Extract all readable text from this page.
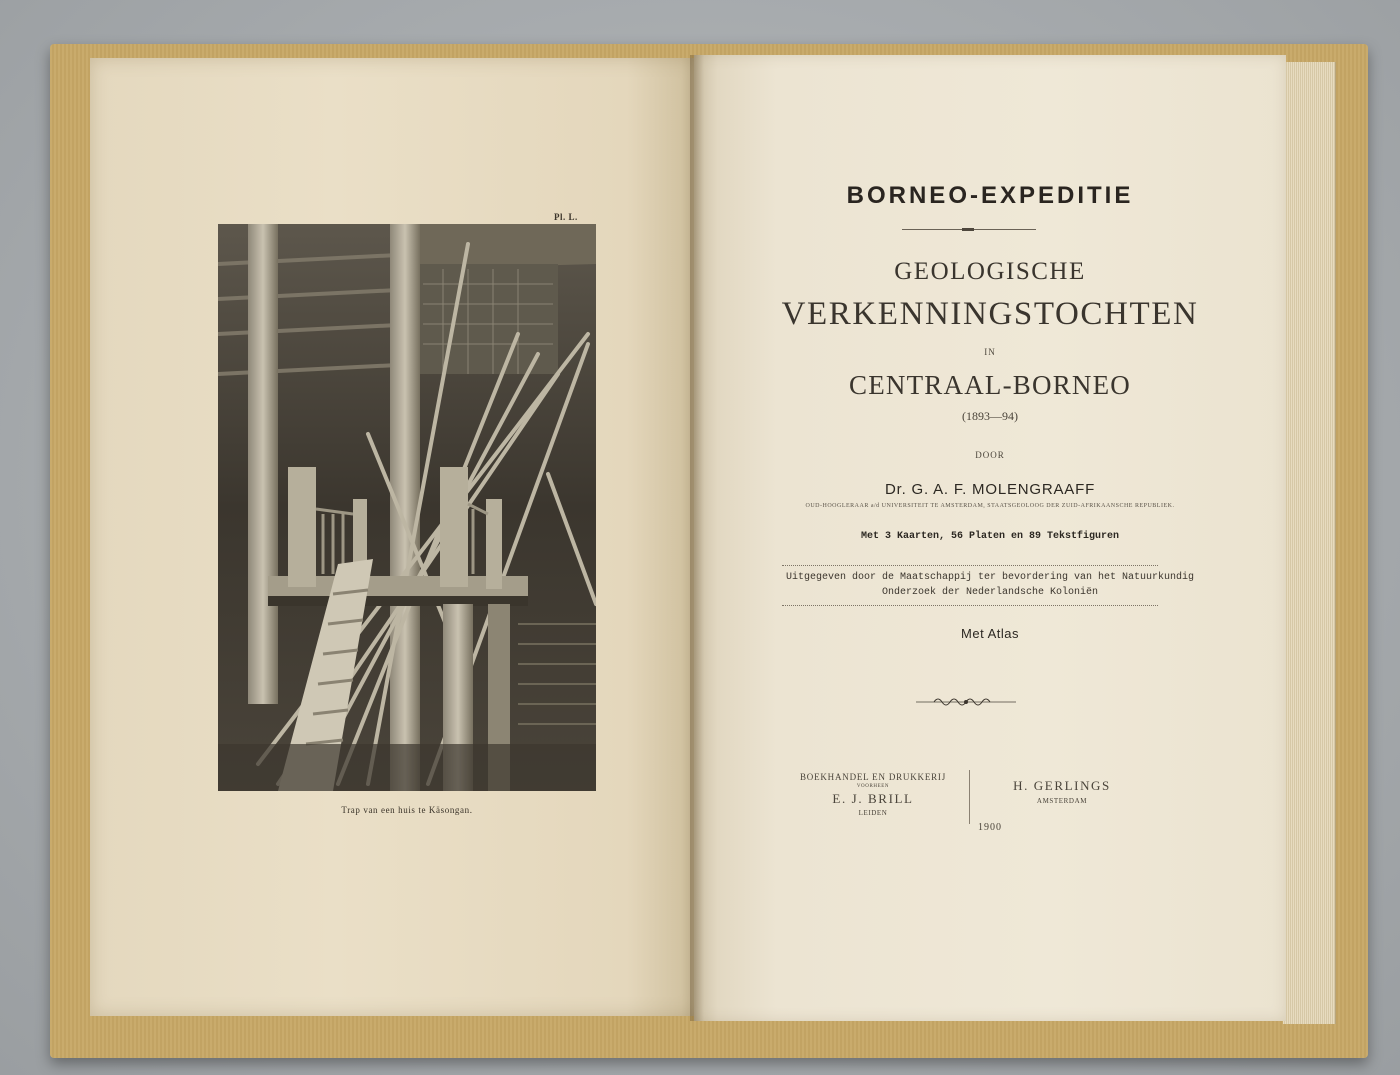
Pl. L.
Trap van een huis te Käsongan.
BORNEO-EXPEDITIE
GEOLOGISCHE
VERKENNINGSTOCHTEN
IN
CENTRAAL-BORNEO
(1893—94)
DOOR
Dr. G. A. F. MOLENGRAAFF
OUD-HOOGLERAAR a/d UNIVERSITEIT TE AMSTERDAM, STAATSGEOLOOG DER ZUID-AFRIKAANSCHE REPUBLIEK.
Met 3 Kaarten, 56 Platen en 89 Tekstfiguren
Uitgegeven door de Maatschappij ter bevordering van het Natuurkundig
Onderzoek der Nederlandsche Koloniën
Met Atlas
BOEKHANDEL EN DRUKKERIJ
VOORHEEN
E. J. BRILL
LEIDEN
H. GERLINGS
AMSTERDAM
1900
